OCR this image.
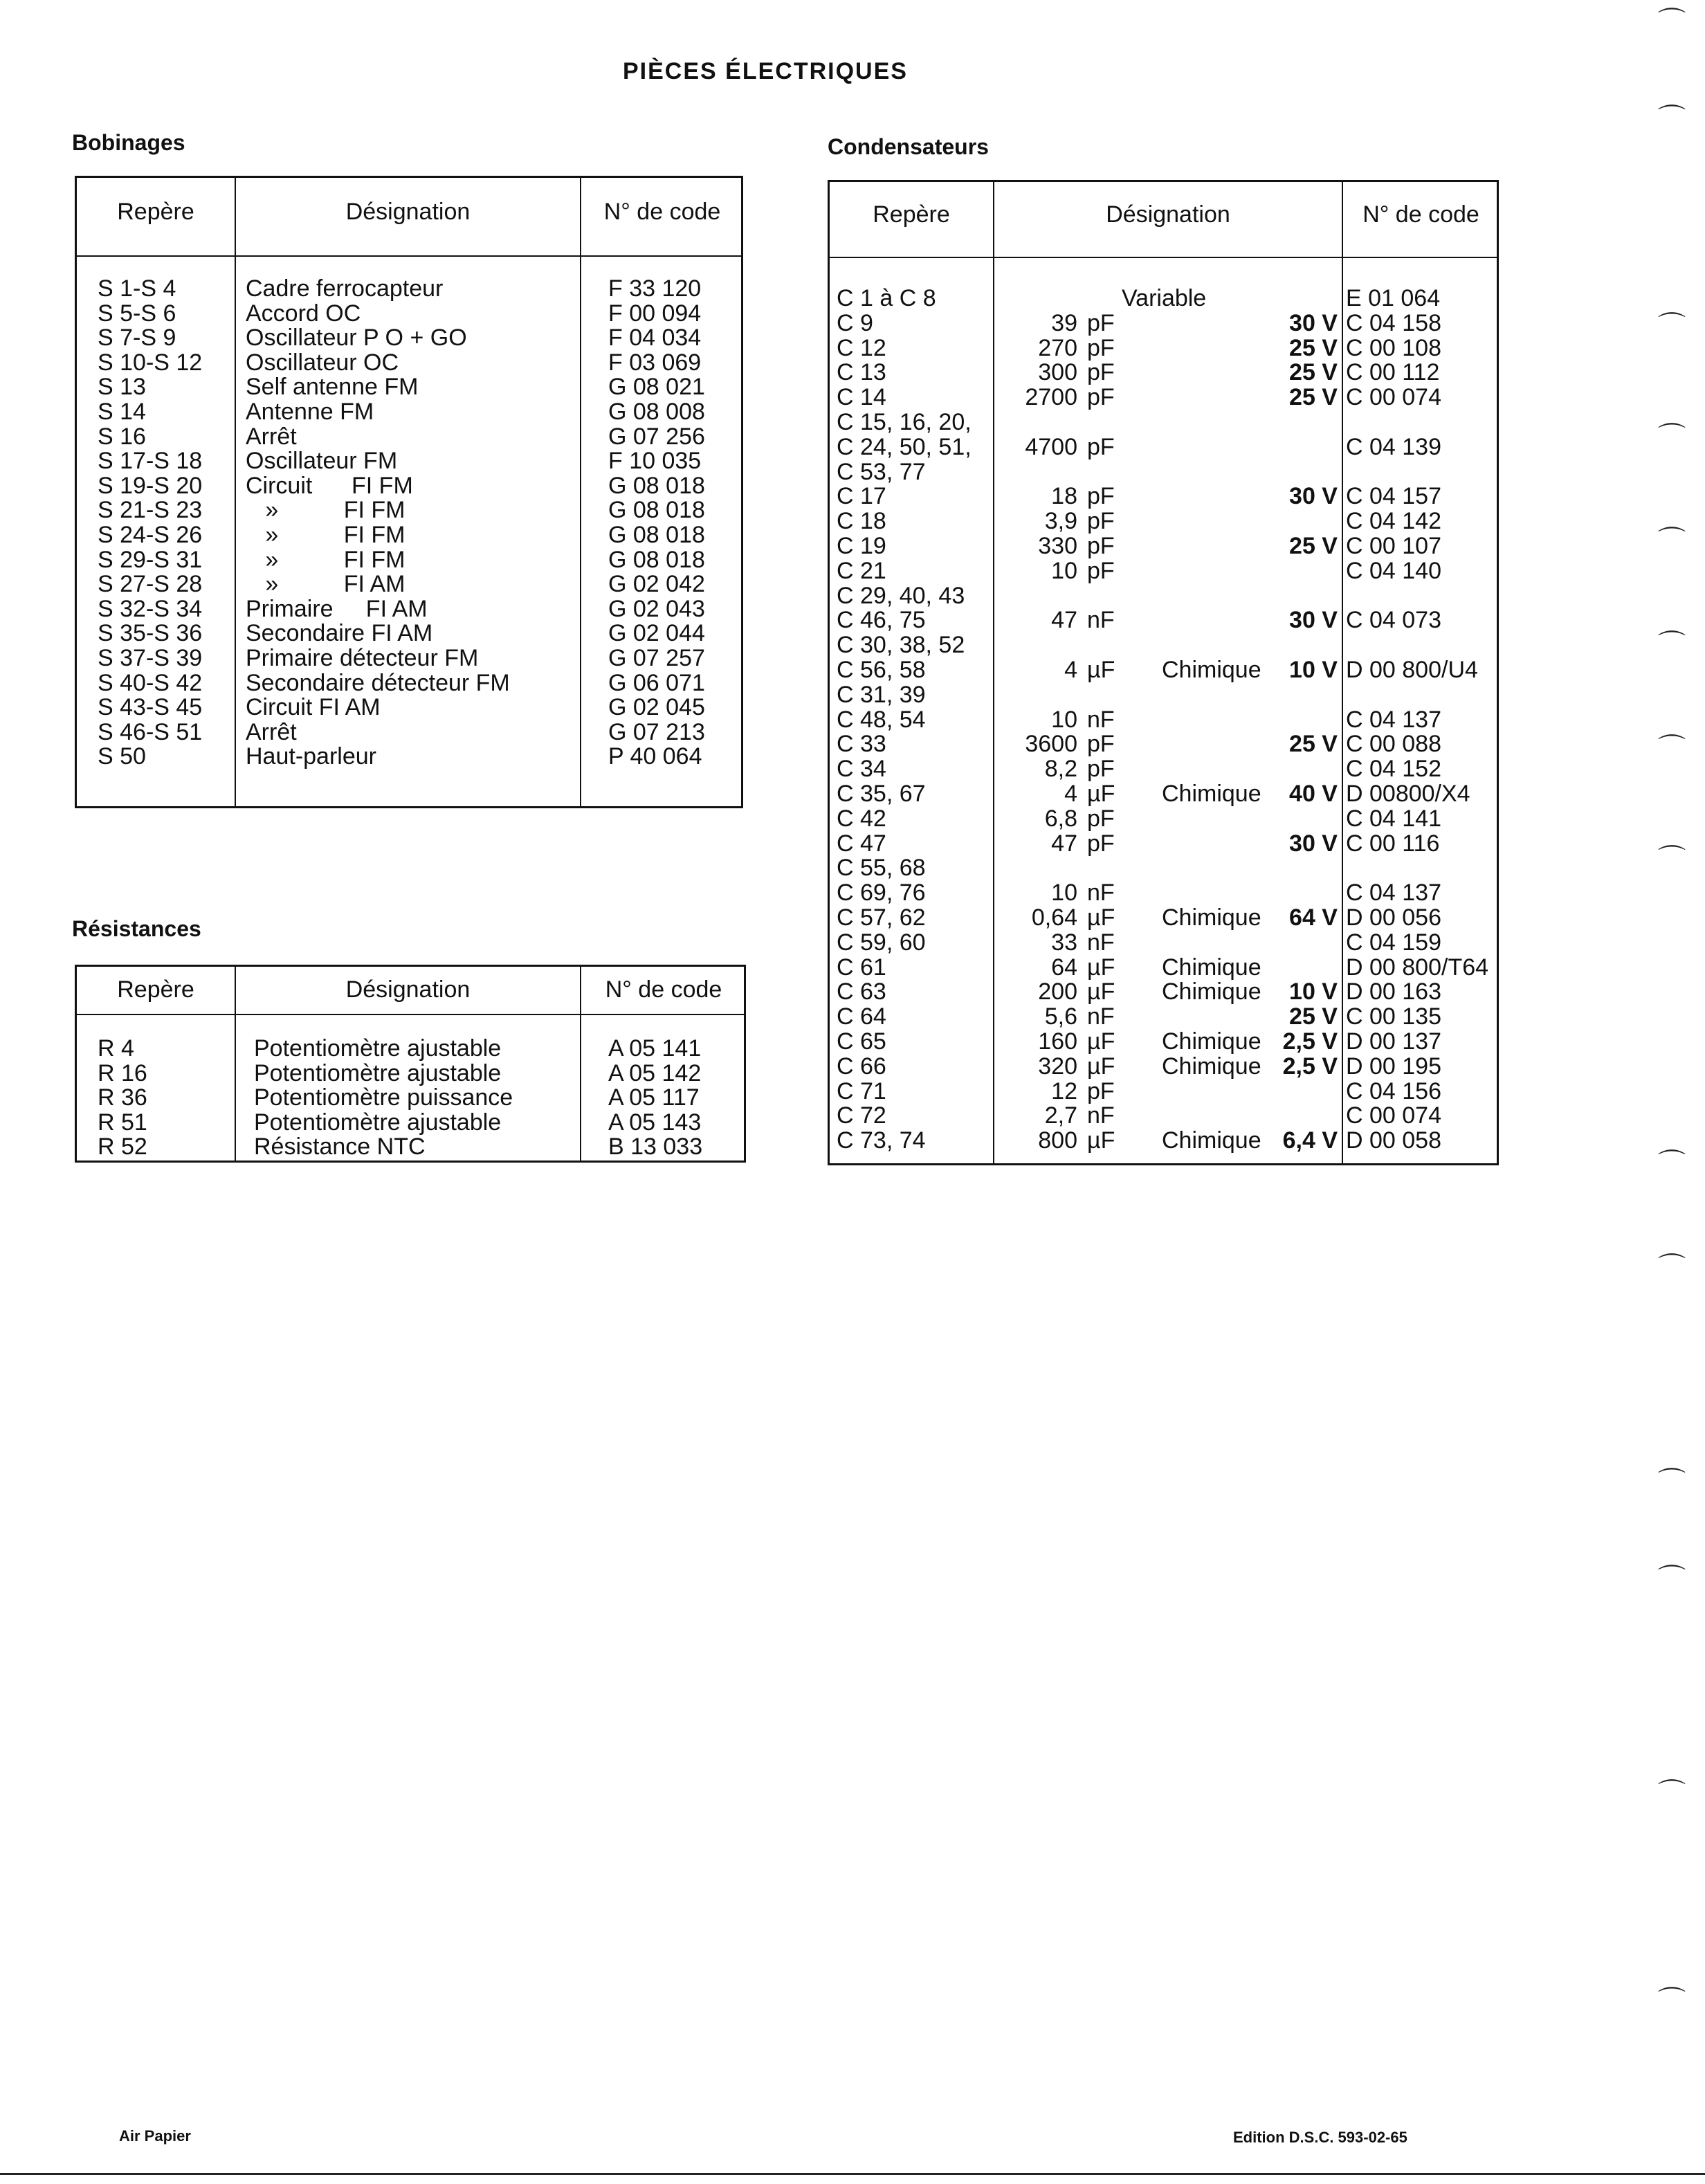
PIÈCES ÉLECTRIQUES
Bobinages
Repère	Désignation	N° de code
S 1-S 4	Cadre ferrocapteur	F 33 120
S 5-S 6	Accord OC	F 00 094
S 7-S 9	Oscillateur P O + GO	F 04 034
S 10-S 12 Oscillateur OC	F 03 069
S 13	Self antenne FM	G 08 021
S 14	Antenne FM	G 08 008
S 16	Arrêt	G 07 256
S 17-S 18 Oscillateur FM	F 10 035
S 19-S 20 Circuit      FI FM	G 08 018
S 21-S 23 »          FI FM	G 08 018
S 24-S 26 »          FI FM	G 08 018
S 29-S 31 »          FI FM	G 08 018
S 27-S 28 »          FI AM	G 02 042
S 32-S 34 Primaire     FI AM	G 02 043
S 35-S 36 Secondaire FI AM	G 02 044
S 37-S 39 Primaire détecteur FM	G 07 257
S 40-S 42 Secondaire détecteur FM	G 06 071
S 43-S 45 Circuit FI AM	G 02 045
S 46-S 51 Arrêt	G 07 213
S 50	Haut-parleur	P 40 064
Résistances
Repère	Désignation	N° de code
R 4	Potentiomètre ajustable	A 05 141
R 16	Potentiomètre ajustable	A 05 142
R 36	Potentiomètre puissance	A 05 117
R 51	Potentiomètre ajustable	A 05 143
R 52	Résistance NTC	B 13 033
Condensateurs
Repère	Désignation	N° de code
C 1 à C 8	Variable	E 01 064
C 9	39 pF	30 V C 04 158
C 12	270 pF	25 V C 00 108
C 13	300 pF	25 V C 00 112
C 14	2700 pF	25 V C 00 074
C 15, 16, 20,
C 24, 50, 51,	4700 pF	C 04 139
C 53, 77
C 17	18 pF	30 V C 04 157
C 18	3,9 pF	C 04 142
C 19	330 pF	25 V C 00 107
C 21	10 pF	C 04 140
C 29, 40, 43
C 46, 75	47 nF	30 V C 04 073
C 30, 38, 52
C 56, 58	4 µF Chimique	10 V D 00 800/U4
C 31, 39
C 48, 54	10 nF	C 04 137
C 33	3600 pF	25 V C 00 088
C 34	8,2 pF	C 04 152
C 35, 67	4 µF Chimique	40 V D 00800/X4
C 42	6,8 pF	C 04 141
C 47	47 pF	30 V C 00 116
C 55, 68
C 69, 76	10 nF	C 04 137
C 57, 62	0,64 µF Chimique	64 V D 00 056
C 59, 60	33 nF	C 04 159
C 61	64 µF Chimique	D 00 800/T64
C 63	200 µF Chimique	10 V D 00 163
C 64	5,6 nF	25 V C 00 135
C 65	160 µF Chimique 2,5 V D 00 137
C 66	320 µF Chimique 2,5 V D 00 195
C 71	12 pF	C 04 156
C 72	2,7 nF	C 00 074
C 73, 74	800 µF Chimique 6,4 V D 00 058
Air Papier	Edition D.S.C. 593-02-65
⌒
⌒
⌒
⌒
⌒
⌒
⌒
⌒
⌒
⌒
⌒
⌒
⌒
⌒
